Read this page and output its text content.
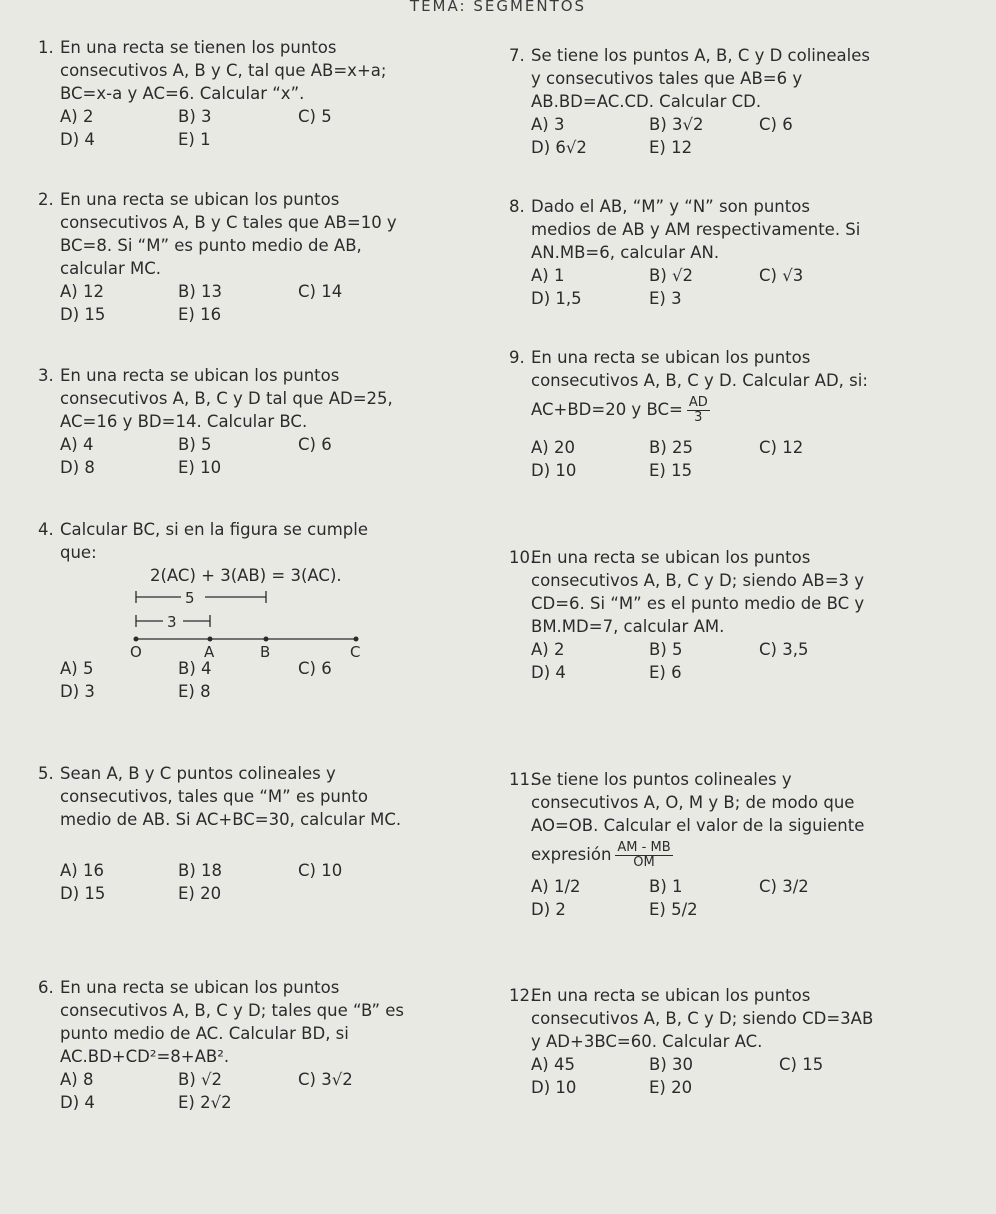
TEMA: SEGMENTOS
1. En una recta se tienen los puntos
consecutivos A, B y C, tal que AB=x+a;
BC=x-a y AC=6. Calcular “x”.
A) 2	B) 3	C) 5
D) 4	E) 1
2. En una recta se ubican los puntos
consecutivos A, B y C tales que AB=10 y
BC=8. Si “M” es punto medio de AB,
calcular MC.
A) 12	B) 13	C) 14
D) 15	E) 16
3. En una recta se ubican los puntos
consecutivos A, B, C y D tal que AD=25,
AC=16 y BD=14. Calcular BC.
A) 4	B) 5	C) 6
D) 8	E) 10
4. Calcular BC, si en la figura se cumple
que:
2(AC) + 3(AB) = 3(AC).
5
3
O	A	B	C
A) 5	B) 4	C) 6
D) 3	E) 8
5. Sean A, B y C puntos colineales y
consecutivos, tales que “M” es punto
medio de AB. Si AC+BC=30, calcular MC.
A) 16	B) 18	C) 10
D) 15	E) 20
6. En una recta se ubican los puntos
consecutivos A, B, C y D; tales que “B” es
punto medio de AC. Calcular BD, si
AC.BD+CD²=8+AB².
A) 8	B) √2	C) 3√2
D) 4	E) 2√2
7. Se tiene los puntos A, B, C y D colineales
y consecutivos tales que AB=6 y
AB.BD=AC.CD. Calcular CD.
A) 3	B) 3√2	C) 6
D) 6√2	E) 12
8. Dado el AB, “M” y “N” son puntos
medios de AB y AM respectivamente. Si
AN.MB=6, calcular AN.
A) 1	B) √2	C) √3
D) 1,5	E) 3
9. En una recta se ubican los puntos
consecutivos A, B, C y D. Calcular AD, si:
AC+BD=20 y $BC= \frac{AD}{3}$
A) 20	B) 25	C) 12
D) 10	E) 15
10.En una recta se ubican los puntos
consecutivos A, B, C y D; siendo AB=3 y
CD=6. Si “M” es el punto medio de BC y
BM.MD=7, calcular AM.
A) 2	B) 5	C) 3,5
D) 4	E) 6
11.Se tiene los puntos colineales y
consecutivos A, O, M y B; de modo que
AO=OB. Calcular el valor de la siguiente
expresión $\frac{AM - MB}{OM}$
A) 1/2	B) 1	C) 3/2
D) 2	E) 5/2
12.En una recta se ubican los puntos
consecutivos A, B, C y D; siendo CD=3AB
y AD+3BC=60. Calcular AC.
A) 45	B) 30	C) 15
D) 10	E) 20
